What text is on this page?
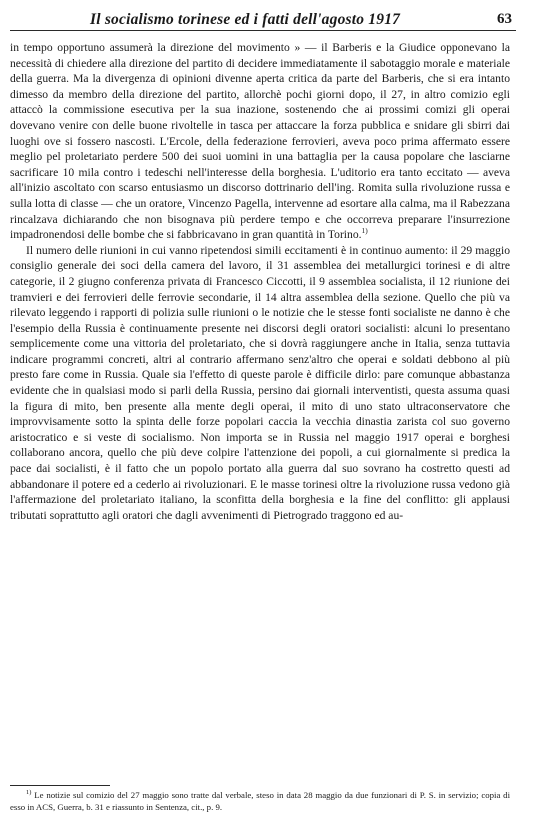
Il socialismo torinese ed i fatti dell'agosto 1917	63

in tempo opportuno assumerà la direzione del movimento » — il Barberis e la Giudice opponevano la necessità di chiedere alla direzione del partito di decidere immediatamente il sabotaggio morale e materiale della guerra. Ma la divergenza di opinioni divenne aperta critica da parte del Barberis, che si era intanto dimesso da membro della direzione del partito, allorchè pochi giorni dopo, il 27, in altro comizio egli attaccò la commissione esecutiva per la sua inazione, sostenendo che ai prossimi comizi gli operai dovevano venire con delle buone rivoltelle in tasca per attaccare la forza pubblica e snidare gli sbirri dai luoghi ove si fossero nascosti. L'Ercole, della federazione ferrovieri, aveva poco prima affermato essere meglio pel proletariato perdere 500 dei suoi uomini in una battaglia per la causa popolare che lasciarne sacrificare 10 mila contro i tedeschi nell'interesse della borghesia. L'uditorio era tanto eccitato — aveva all'inizio ascoltato con scarso entusiasmo un discorso dottrinario dell'ing. Romita sulla rivoluzione russa e sulla lotta di classe — che un oratore, Vincenzo Pagella, intervenne ad esortare alla calma, ma il Rabezzana rincalzava dichiarando che non bisognava più perdere tempo e che occorreva preparare l'insurrezione impadronendosi delle bombe che si fabbricavano in gran quantità in Torino.$^{1)}$

Il numero delle riunioni in cui vanno ripetendosi simili eccitamenti è in continuo aumento: il 29 maggio consiglio generale dei soci della camera del lavoro, il 31 assemblea dei metallurgici torinesi e di altre categorie, il 2 giugno conferenza privata di Francesco Ciccotti, il 9 assemblea socialista, il 12 riunione dei tramvieri e dei ferrovieri delle ferrovie secondarie, il 14 altra assemblea della sezione. Quello che più va rilevato leggendo i rapporti di polizia sulle riunioni o le notizie che le stesse fonti socialiste ne danno è che l'esempio della Russia è continuamente presente nei discorsi degli oratori socialisti: alcuni lo presentano semplicemente come una vittoria del proletariato, che si dovrà raggiungere anche in Italia, senza tuttavia indicare programmi concreti, altri al contrario affermano senz'altro che operai e soldati debbono al più presto fare come in Russia. Quale sia l'effetto di queste parole è difficile dirlo: pare comunque abbastanza evidente che in qualsiasi modo si parli della Russia, persino dai giornali interventisti, questa assuma quasi la figura di mito, ben presente alla mente degli operai, il mito di uno stato ultraconservatore che improvvisamente sotto la spinta delle forze popolari caccia la vecchia dinastia zarista col suo governo aristocratico e si veste di socialismo. Non importa se in Russia nel maggio 1917 operai e borghesi collaborano ancora, quello che più deve colpire l'attenzione dei popoli, a cui giornalmente si predica la pace dai socialisti, è il fatto che un popolo portato alla guerra dal suo sovrano ha costretto questi ad abbandonare il potere ed a cederlo ai rivoluzionari. E le masse torinesi oltre la rivoluzione russa vedono già l'affermazione del proletariato italiano, la sconfitta della borghesia e la fine del conflitto: gli applausi tributati soprattutto agli oratori che dagli avvenimenti di Pietrogrado traggono ed au-

$^{1)}$ Le notizie sul comizio del 27 maggio sono tratte dal verbale, steso in data 28 maggio da due funzionari di P. S. in servizio; copia di esso in ACS, Guerra, b. 31 e riassunto in Sentenza, cit., p. 9.
